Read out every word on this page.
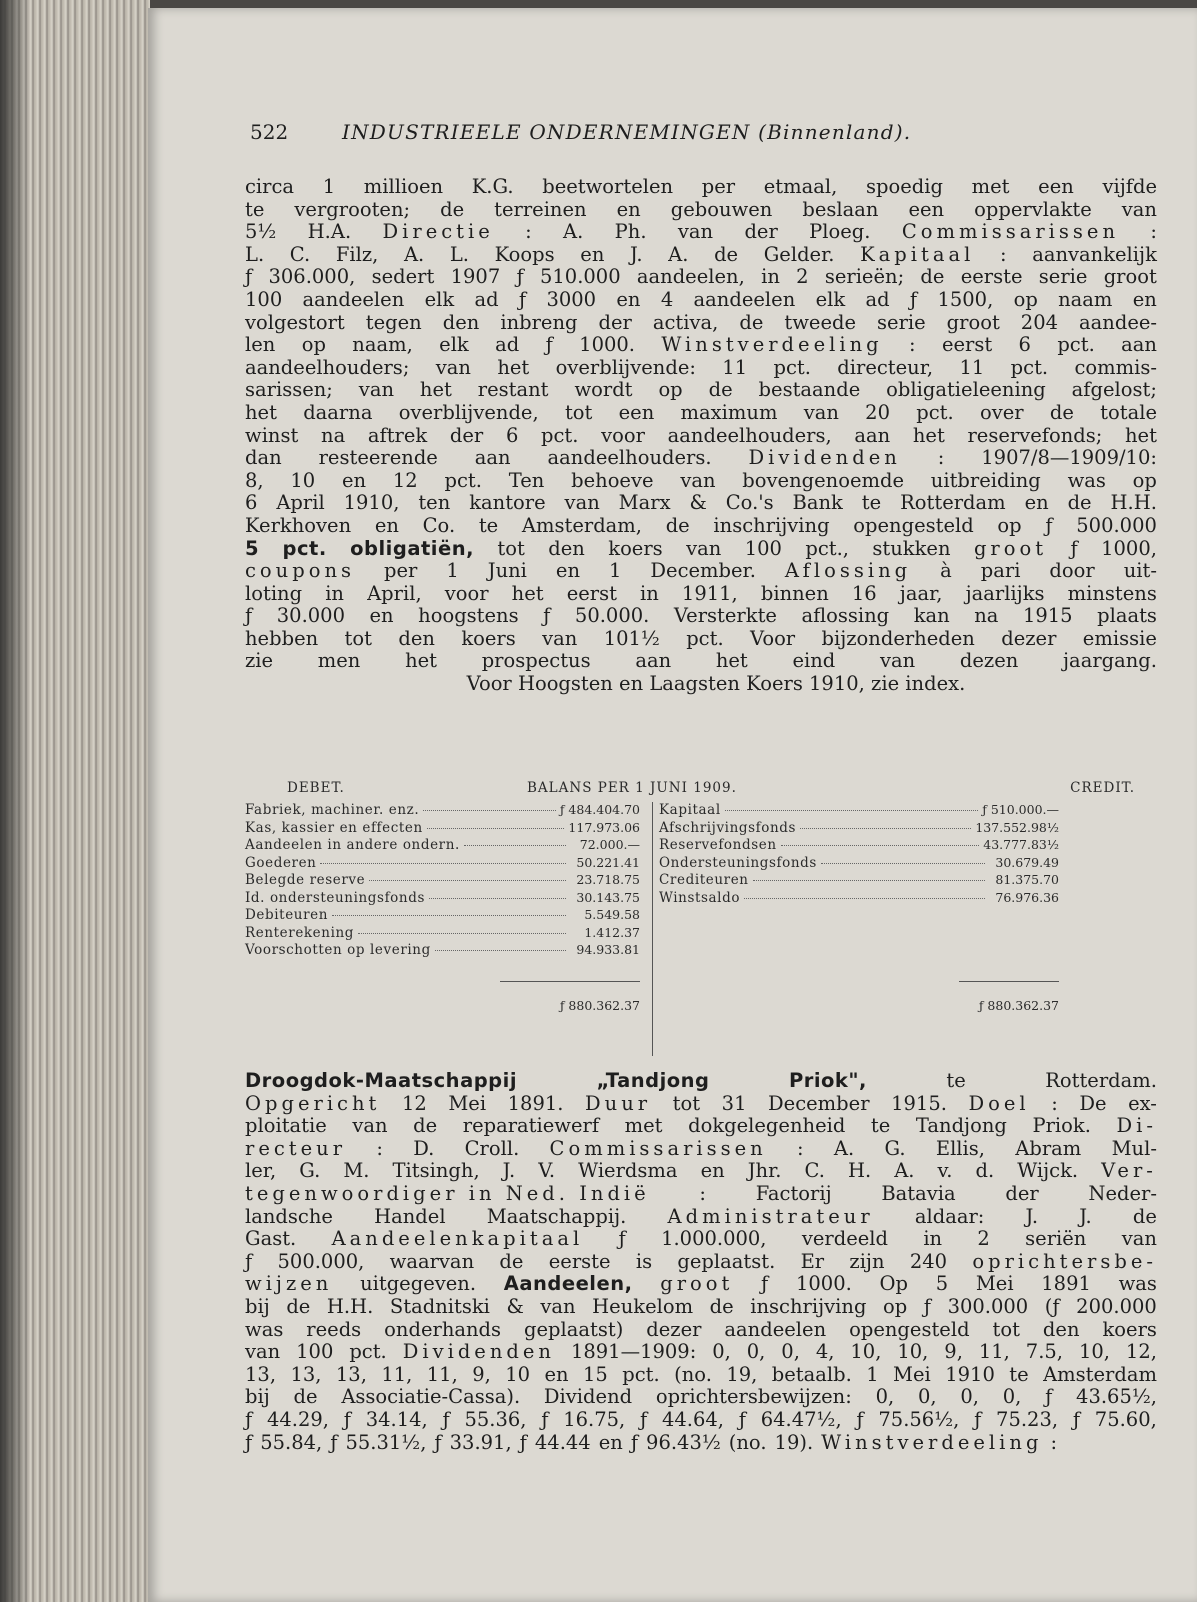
522	INDUSTRIEELE ONDERNEMINGEN (Binnenland).
circa 1 millioen K.G. beetwortelen per etmaal, spoedig met een vijfde
te vergrooten; de terreinen en gebouwen beslaan een oppervlakte van
5½ H.A. Directie : A. Ph. van der Ploeg. Commissarissen :
L. C. Filz, A. L. Koops en J. A. de Gelder. Kapitaal : aanvankelijk
ƒ 306.000, sedert 1907 ƒ 510.000 aandeelen, in 2 serieën; de eerste serie groot
100 aandeelen elk ad ƒ 3000 en 4 aandeelen elk ad ƒ 1500, op naam en
volgestort tegen den inbreng der activa, de tweede serie groot 204 aandee-
len op naam, elk ad ƒ 1000. Winstverdeeling : eerst 6 pct. aan
aandeelhouders; van het overblijvende: 11 pct. directeur, 11 pct. commis-
sarissen; van het restant wordt op de bestaande obligatieleening afgelost;
het daarna overblijvende, tot een maximum van 20 pct. over de totale
winst na aftrek der 6 pct. voor aandeelhouders, aan het reservefonds; het
dan resteerende aan aandeelhouders. Dividenden : 1907/8—1909/10:
8, 10 en 12 pct. Ten behoeve van bovengenoemde uitbreiding was op
6 April 1910, ten kantore van Marx & Co.'s Bank te Rotterdam en de H.H.
Kerkhoven en Co. te Amsterdam, de inschrijving opengesteld op ƒ 500.000
5 pct. obligatiën, tot den koers van 100 pct., stukken groot ƒ 1000,
coupons per 1 Juni en 1 December. Aflossing à pari door uit-
loting in April, voor het eerst in 1911, binnen 16 jaar, jaarlijks minstens
ƒ 30.000 en hoogstens ƒ 50.000. Versterkte aflossing kan na 1915 plaats
hebben tot den koers van 101½ pct. Voor bijzonderheden dezer emissie
zie men het prospectus aan het eind van dezen jaargang.
Voor Hoogsten en Laagsten Koers 1910, zie index.
DEBET.	BALANS PER 1 JUNI 1909.	CREDIT.
Fabriek, machiner. enz.	ƒ 484.404.70
Kas, kassier en effecten	117.973.06
Aandeelen in andere ondern.	72.000.—
Goederen	50.221.41
Belegde reserve	23.718.75
Id. ondersteuningsfonds	30.143.75
Debiteuren	5.549.58
Renterekening	1.412.37
Voorschotten op levering	94.933.81
Kapitaal	ƒ 510.000.—
Afschrijvingsfonds	137.552.98½
Reservefondsen	43.777.83½
Ondersteuningsfonds	30.679.49
Crediteuren	81.375.70
Winstsaldo	76.976.36
ƒ 880.362.37	ƒ 880.362.37
Droogdok-Maatschappij	„Tandjong	Priok",	te	Rotterdam.
Opgericht 12 Mei 1891. Duur tot 31 December 1915. Doel : De ex-
ploitatie van de reparatiewerf met dokgelegenheid te Tandjong Priok. Di-
recteur : D. Croll. Commissarissen : A. G. Ellis, Abram Mul-
ler, G. M. Titsingh, J. V. Wierdsma en Jhr. C. H. A. v. d. Wijck. Ver-
tegenwoordiger in Ned. Indië	:	Factorij	Batavia	der	Neder-
landsche Handel Maatschappij. Administrateur aldaar: J. J. de
Gast. Aandeelenkapitaal ƒ 1.000.000, verdeeld in 2 seriën van
ƒ 500.000, waarvan de eerste is geplaatst. Er zijn 240 oprichtersbe-
wijzen uitgegeven. Aandeelen, groot ƒ 1000. Op 5 Mei 1891 was
bij de H.H. Stadnitski & van Heukelom de inschrijving op ƒ 300.000 (ƒ 200.000
was reeds onderhands geplaatst) dezer aandeelen opengesteld tot den koers
van 100 pct. Dividenden 1891—1909: 0, 0, 0, 4, 10, 10, 9, 11, 7.5, 10, 12,
13, 13, 13, 11, 11, 9, 10 en 15 pct. (no. 19, betaalb. 1 Mei 1910 te Amsterdam
bij de Associatie-Cassa). Dividend oprichtersbewijzen: 0, 0, 0, 0, ƒ 43.65½,
ƒ 44.29, ƒ 34.14, ƒ 55.36, ƒ 16.75, ƒ 44.64, ƒ 64.47½, ƒ 75.56½, ƒ 75.23, ƒ 75.60,
ƒ 55.84, ƒ 55.31½, ƒ 33.91, ƒ 44.44 en ƒ 96.43½ (no. 19). Winstverdeeling :
